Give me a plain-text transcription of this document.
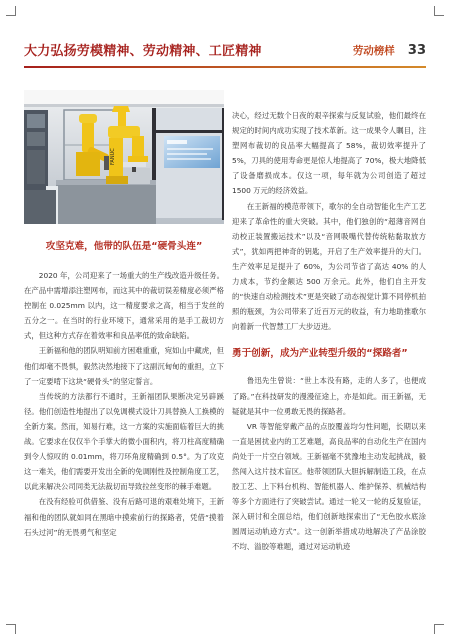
大力弘扬劳模精神、劳动精神、工匠精神	劳动榜样 33
FANUC
攻坚克难，他带的队伍是“硬骨头连”

2020 年，公司迎来了一场重大的生产线改造升级任务。在产品中需增添注塑网布，而这其中的裁切误差精度必须严格控制在 0.025mm 以内，这一精度要求之高，相当于发丝的五分之一。在当时的行业环境下，通常采用的是手工裁切方式，但这种方式存在着效率和良品率低的致命缺陷。

王新福和他的团队明知前方困难重重，宛如山中藏虎，但他们却毫不畏惧，毅然决然地接下了这副沉甸甸的重担，立下了一定要啃下这块“硬骨头”的坚定誓言。

当传统的方法都行不通时，王新福团队果断决定另辟蹊径。他们创造性地提出了以免调模式设计刀具替换人工换模的全新方案。然而，知易行难，这一方案的实施面临着巨大的挑战。它要求在仅仅半个手掌大的微小面积内，将刀柱高度精确到令人惊叹的 0.01mm，将刀环角度精确到 0.5°。为了攻克这一难关，他们需要开发出全新的免调刚性及控制角度工艺，以此来解决公司同类无法裁切而导致拉丝变形的棘手难题。

在没有经验可供借鉴、没有后路可退的艰难处境下，王新福和他的团队就如同在黑暗中摸索前行的探路者，凭借“摸着石头过河”的无畏勇气和坚定

决心，经过无数个日夜的艰辛探索与反复试验，他们最终在规定的时间内成功实现了技术革新。这一成果令人瞩目，注塑网布裁切的良品率大幅提高了 58%，裁切效率提升了 5%，刀具的使用寿命更是惊人地提高了 70%，极大地降低了设备磨损成本。仅这一项，每年就为公司创造了超过 1500 万元的经济效益。

在王新福的模范带领下，歌尔的全自动智能化生产工艺迎来了革命性的重大突破。其中，他们独创的“超薄音网自动校正装置搬运技术”以及“音网吸嘴代替传统粘黏取放方式”，犹如两把神奇的钥匙，开启了生产效率提升的大门。生产效率足足提升了 60%，为公司节省了高达 40% 的人力成本，节约金额达 500 万余元。此外，他们自主开发的“快速自动检测技术”更是突破了动态视觉计算不同停机拍照的瓶颈，为公司带来了近百万元的收益，有力地助推歌尔向着新一代智慧工厂大步迈进。

勇于创新，成为产业转型升级的“探路者”

鲁迅先生曾说：“世上本没有路，走的人多了，也便成了路。”在科技研发的漫漫征途上，亦是如此。而王新福，无疑就是其中一位勇敢无畏的探路者。

VR 等智能穿戴产品的点胶覆盖均匀性问题，长期以来一直是困扰业内的工艺难题，高良品率的自动化生产在国内尚处于一片空白领域。王新福毫不犹豫地主动发起挑战，毅然闯入这片技术盲区。他带领团队大胆拆解制造工段，在点胶工艺、上下料台机构、智能机器人、维护保养、机械结构等多个方面进行了突破尝试。通过一轮又一轮的反复验证，深入研讨和全面总结，他们创新地探索出了“无色胶水底涂圆周运动轨迹方式”。这一创新举措成功地解决了产品涂胶不均、溢胶等难题，通过对运动轨迹
